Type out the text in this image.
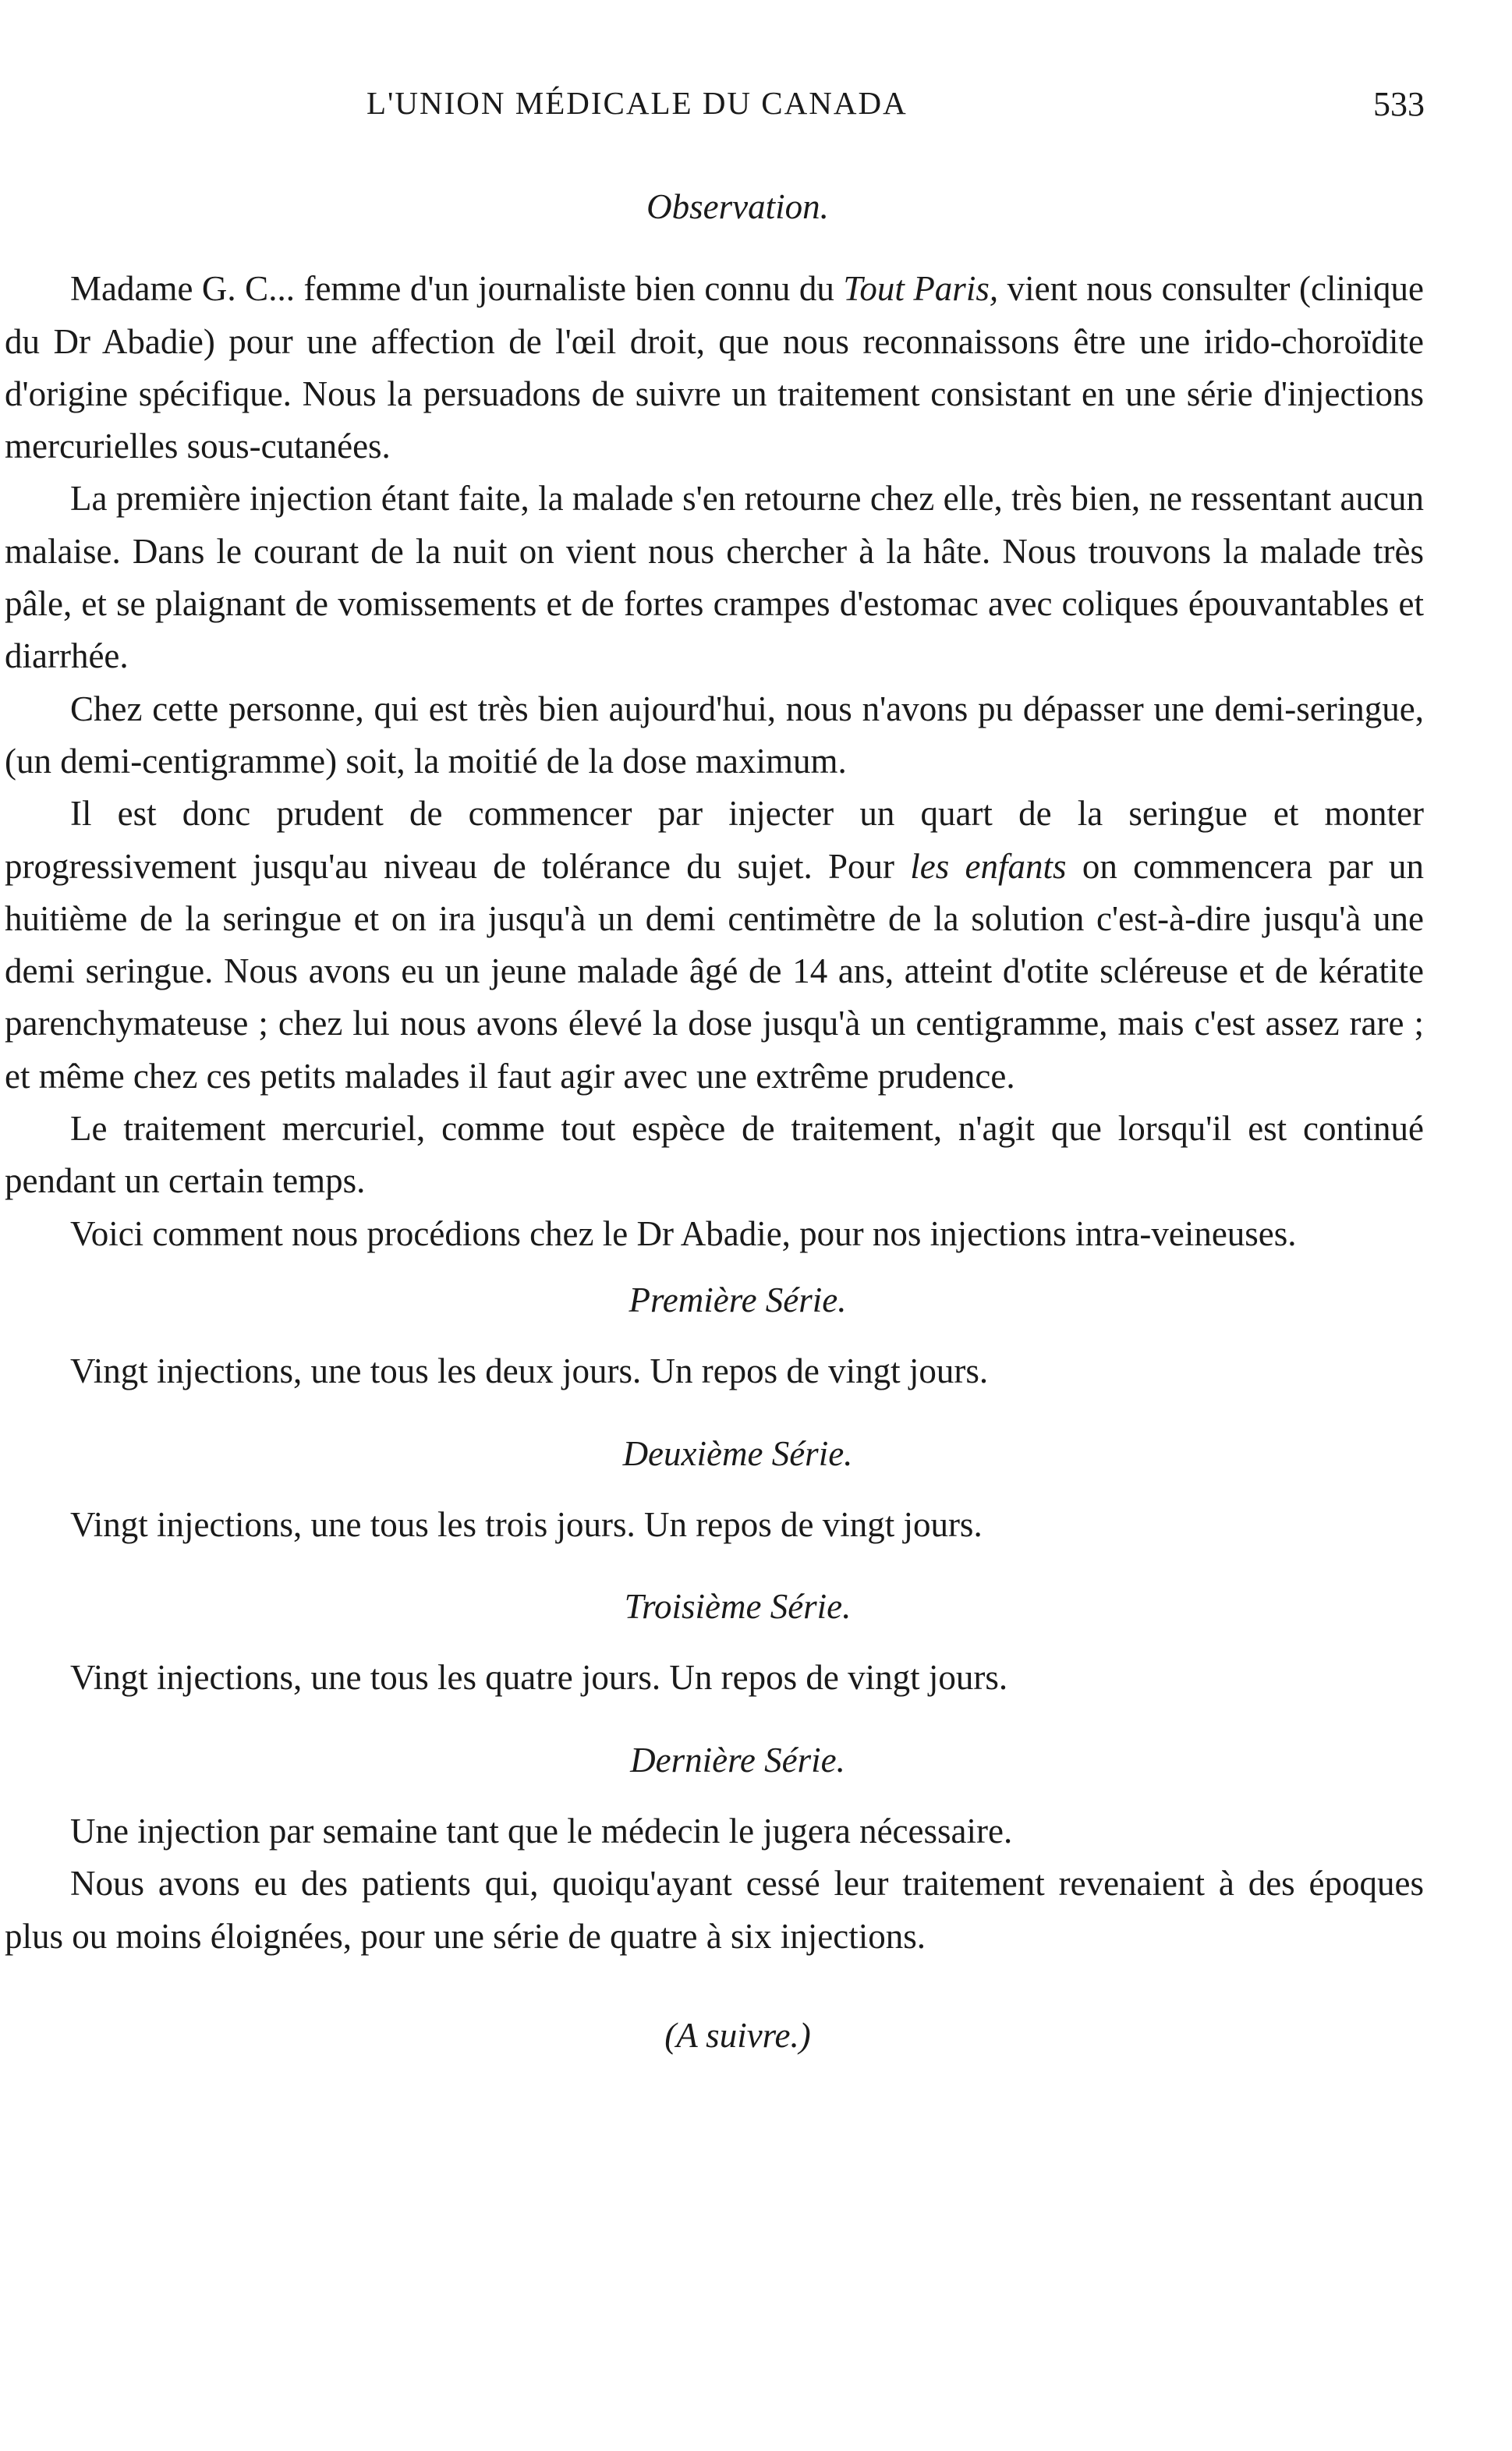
L'UNION MÉDICALE DU CANADA	533
Observation.

Madame G. C... femme d'un journaliste bien connu du Tout Paris, vient nous consulter (clinique du Dr Abadie) pour une affection de l'œil droit, que nous reconnaissons être une irido-choroïdite d'origine spécifique. Nous la persuadons de suivre un traitement consistant en une série d'injections mercurielles sous-cutanées.

La première injection étant faite, la malade s'en retourne chez elle, très bien, ne ressentant aucun malaise. Dans le courant de la nuit on vient nous chercher à la hâte. Nous trouvons la malade très pâle, et se plaignant de vomissements et de fortes crampes d'estomac avec coliques épouvantables et diarrhée.

Chez cette personne, qui est très bien aujourd'hui, nous n'avons pu dépasser une demi-seringue, (un demi-centigramme) soit, la moitié de la dose maximum.

Il est donc prudent de commencer par injecter un quart de la seringue et monter progressivement jusqu'au niveau de tolérance du sujet. Pour les enfants on commencera par un huitième de la seringue et on ira jusqu'à un demi centimètre de la solution c'est-à-dire jusqu'à une demi seringue. Nous avons eu un jeune malade âgé de 14 ans, atteint d'otite scléreuse et de kératite parenchymateuse ; chez lui nous avons élevé la dose jusqu'à un centigramme, mais c'est assez rare ; et même chez ces petits malades il faut agir avec une extrême prudence.

Le traitement mercuriel, comme tout espèce de traitement, n'agit que lorsqu'il est continué pendant un certain temps.

Voici comment nous procédions chez le Dr Abadie, pour nos injections intra-veineuses.

Première Série.

Vingt injections, une tous les deux jours. Un repos de vingt jours.

Deuxième Série.

Vingt injections, une tous les trois jours. Un repos de vingt jours.

Troisième Série.

Vingt injections, une tous les quatre jours. Un repos de vingt jours.

Dernière Série.

Une injection par semaine tant que le médecin le jugera nécessaire.

Nous avons eu des patients qui, quoiqu'ayant cessé leur traitement revenaient à des époques plus ou moins éloignées, pour une série de quatre à six injections.

(A suivre.)
